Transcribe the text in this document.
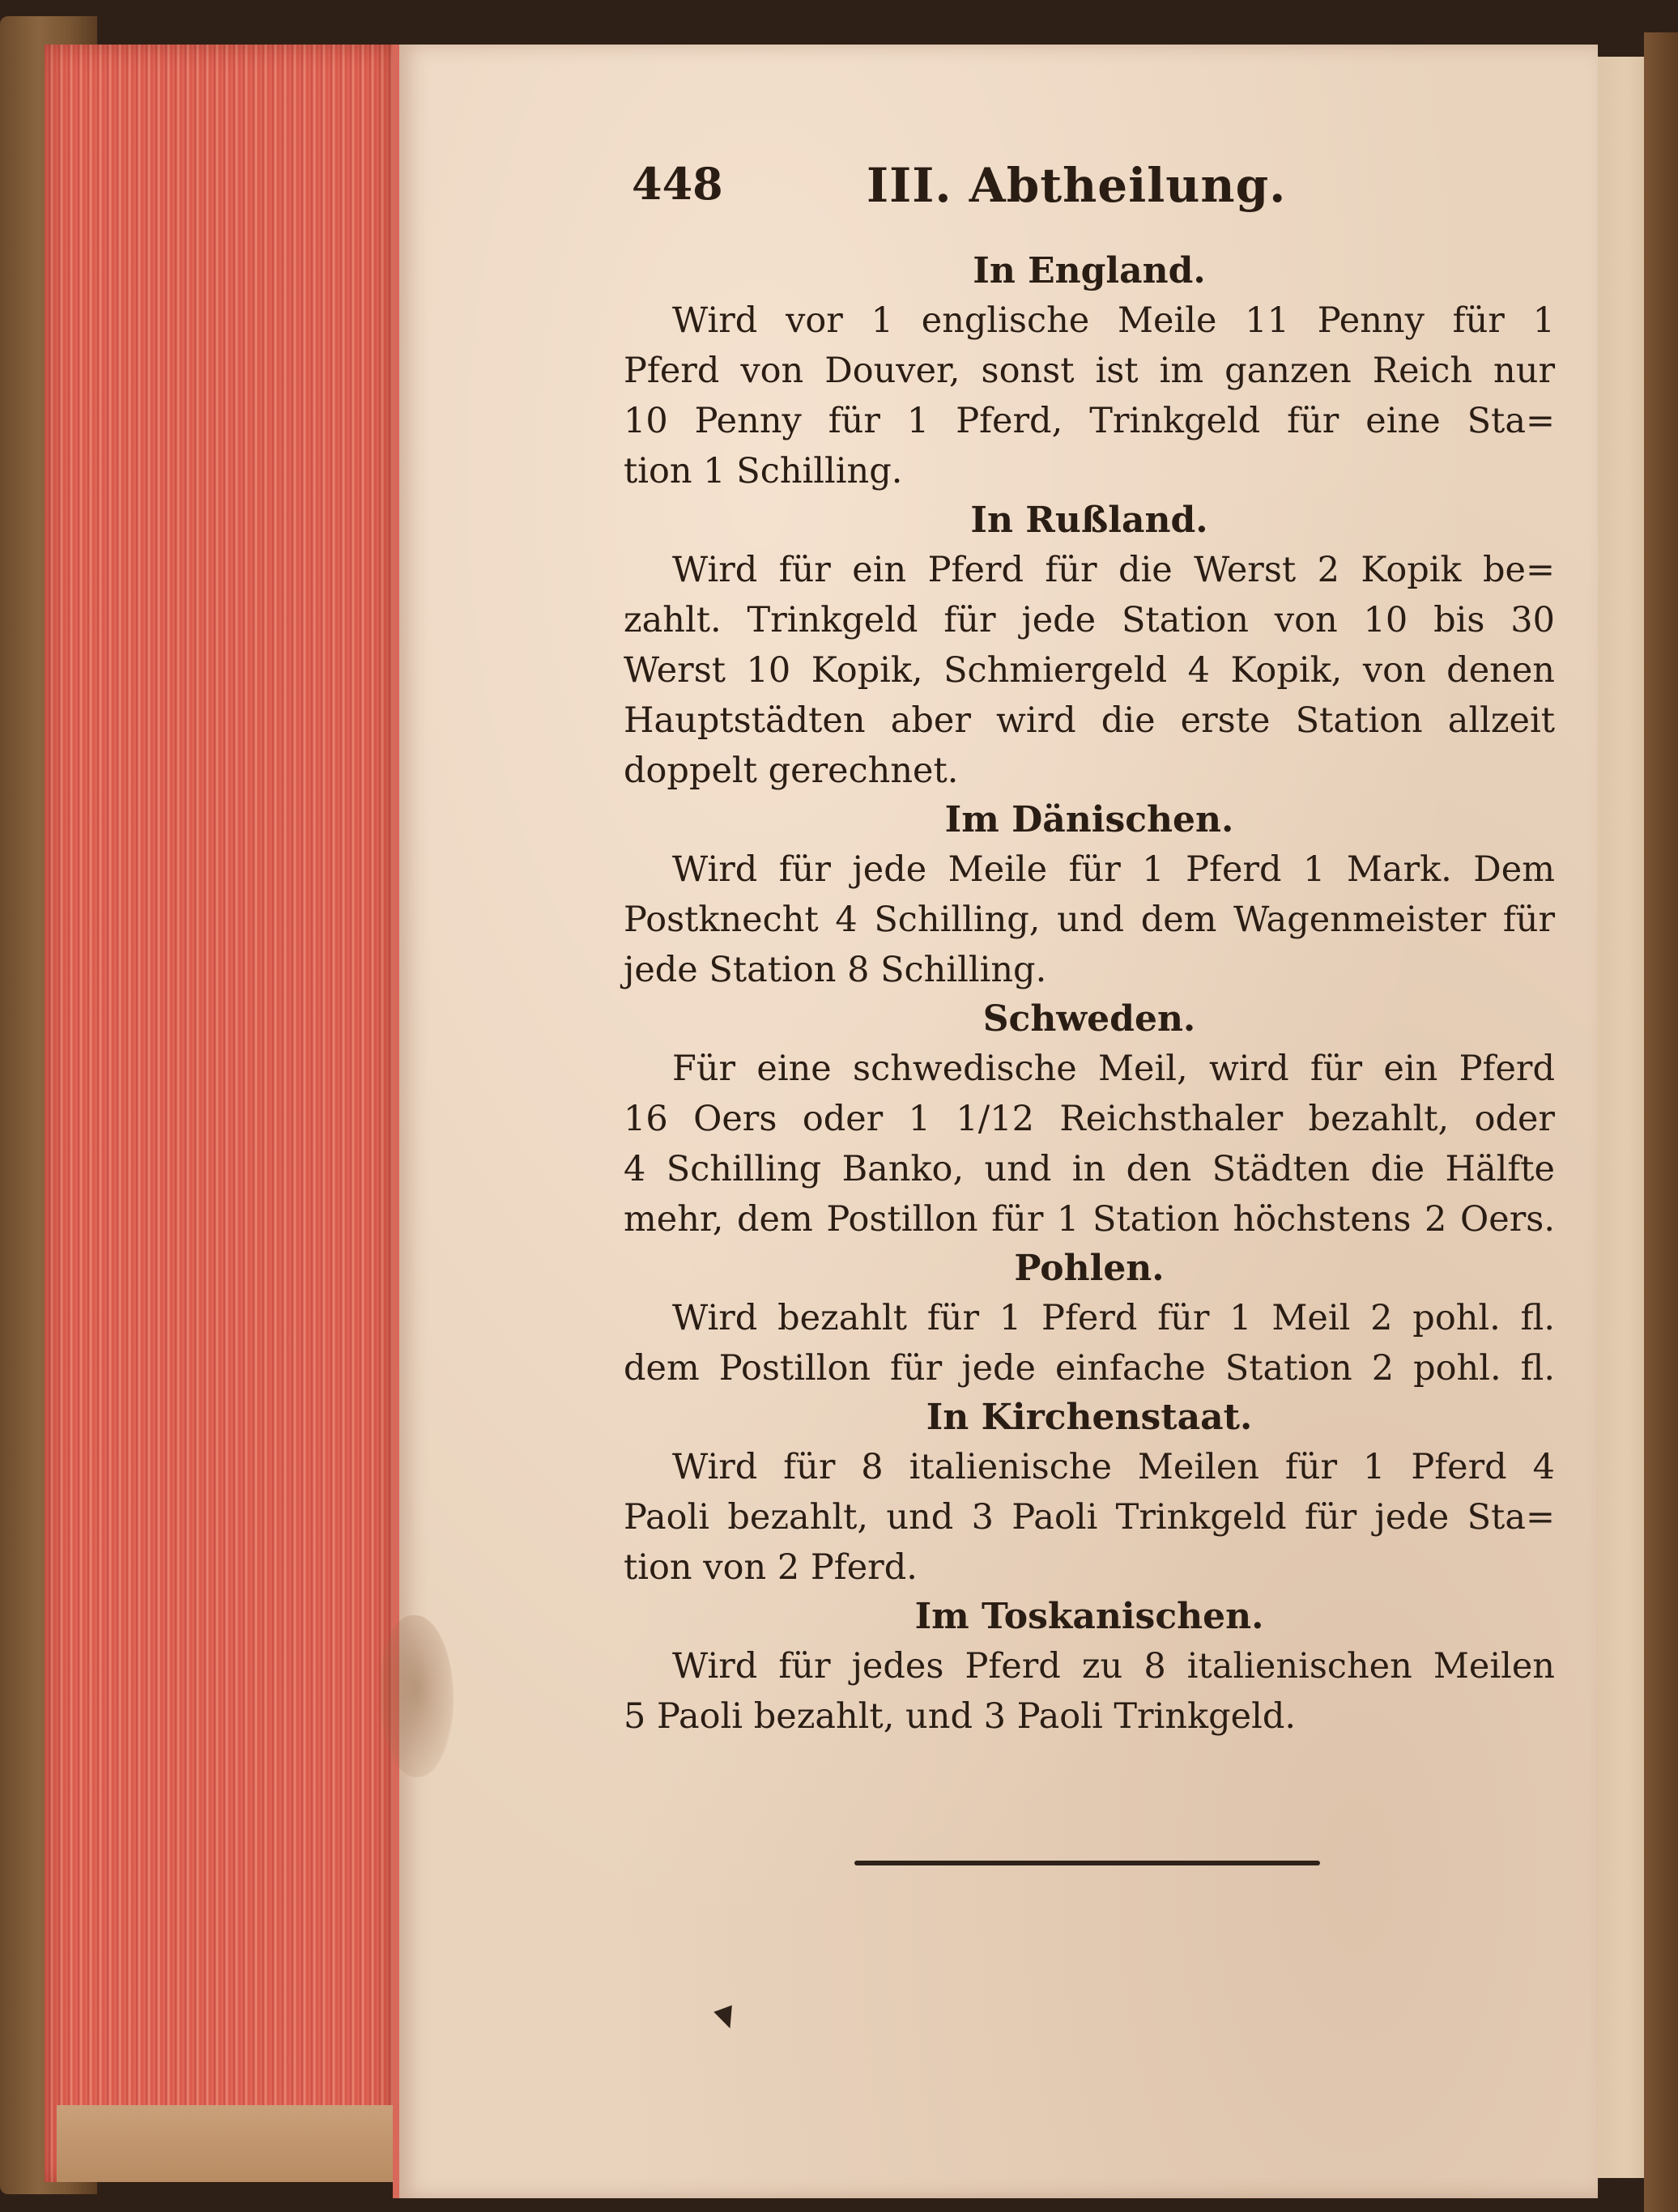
448	III. Abtheilung.

In England.

Wird vor 1 englische Meile 11 Penny für 1
Pferd von Douver, sonst ist im ganzen Reich nur
10 Penny für 1 Pferd, Trinkgeld für eine Sta=
tion 1 Schilling.

In Rußland.

Wird für ein Pferd für die Werst 2 Kopik be=
zahlt. Trinkgeld für jede Station von 10 bis 30
Werst 10 Kopik, Schmiergeld 4 Kopik, von denen
Hauptstädten aber wird die erste Station allzeit
doppelt gerechnet.

Im Dänischen.

Wird für jede Meile für 1 Pferd 1 Mark. Dem
Postknecht 4 Schilling, und dem Wagenmeister für
jede Station 8 Schilling.

Schweden.

Für eine schwedische Meil, wird für ein Pferd
16 Oers oder 1 1/12 Reichsthaler bezahlt, oder
4 Schilling Banko, und in den Städten die Hälfte
mehr, dem Postillon für 1 Station höchstens 2 Oers.

Pohlen.

Wird bezahlt für 1 Pferd für 1 Meil 2 pohl. fl.
dem Postillon für jede einfache Station 2 pohl. fl.

In Kirchenstaat.

Wird für 8 italienische Meilen für 1 Pferd 4
Paoli bezahlt, und 3 Paoli Trinkgeld für jede Sta=
tion von 2 Pferd.

Im Toskanischen.

Wird für jedes Pferd zu 8 italienischen Meilen
5 Paoli bezahlt, und 3 Paoli Trinkgeld.
